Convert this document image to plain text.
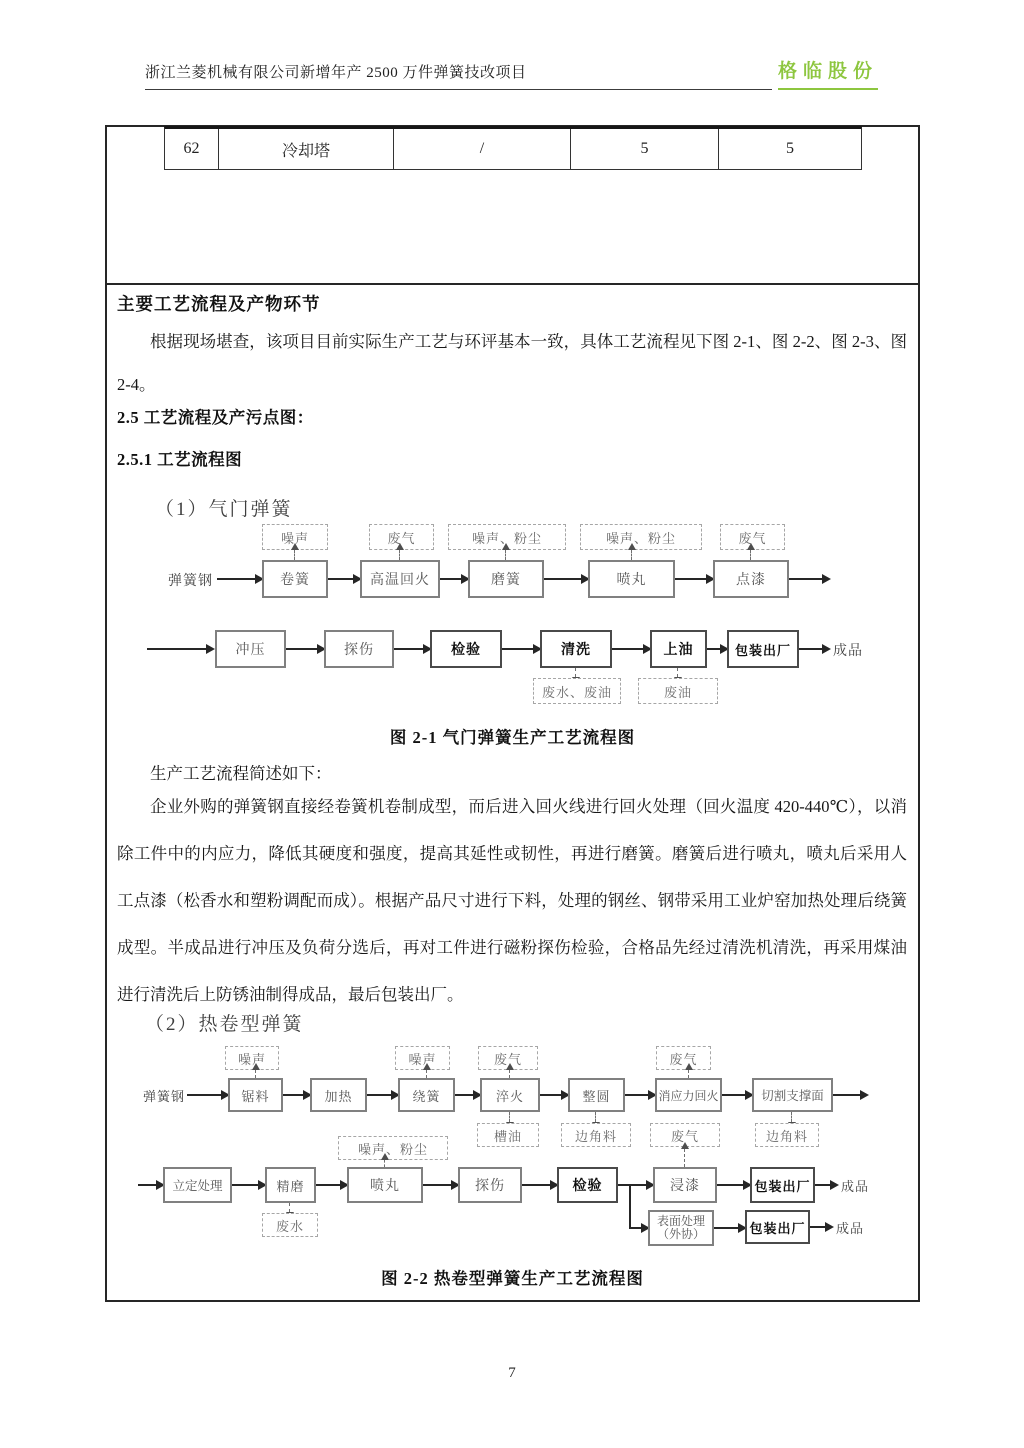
浙江兰菱机械有限公司新增年产 2500 万件弹簧技改项目	格临股份
62	冷却塔	/	5	5
主要工艺流程及产物环节
根据现场堪查，该项目目前实际生产工艺与环评基本一致，具体工艺流程见下图 2-1、图 2-2、图 2-3、图 2-4。
2.5 工艺流程及产污点图：
2.5.1 工艺流程图
（1）气门弹簧
噪声	废气	噪声、粉尘	噪声、粉尘	废气
弹簧钢	卷簧	高温回火	磨簧	喷丸	点漆
冲压	探伤	检验	清洗	上油	包装出厂	成品
废水、废油	废油
图 2-1 气门弹簧生产工艺流程图
生产工艺流程简述如下：
企业外购的弹簧钢直接经卷簧机卷制成型，而后进入回火线进行回火处理（回火温度 420-440℃），以消除工件中的内应力，降低其硬度和强度，提高其延性或韧性，再进行磨簧。磨簧后进行喷丸，喷丸后采用人工点漆（松香水和塑粉调配而成）。根据产品尺寸进行下料，处理的钢丝、钢带采用工业炉窑加热处理后绕簧成型。半成品进行冲压及负荷分选后，再对工件进行磁粉探伤检验，合格品先经过清洗机清洗，再采用煤油进行清洗后上防锈油制得成品，最后包装出厂。
（2）热卷型弹簧
噪声	噪声	废气	废气
弹簧钢	锯料	加热	绕簧	淬火	整圆	消应力回火	切割支撑面
槽油	边角料	废气	边角料
噪声、粉尘
立定处理	精磨	喷丸	探伤	检验	浸漆	包装出厂	成品
废水	表面处理
（外协）	包装出厂	成品
图 2-2 热卷型弹簧生产工艺流程图
7
